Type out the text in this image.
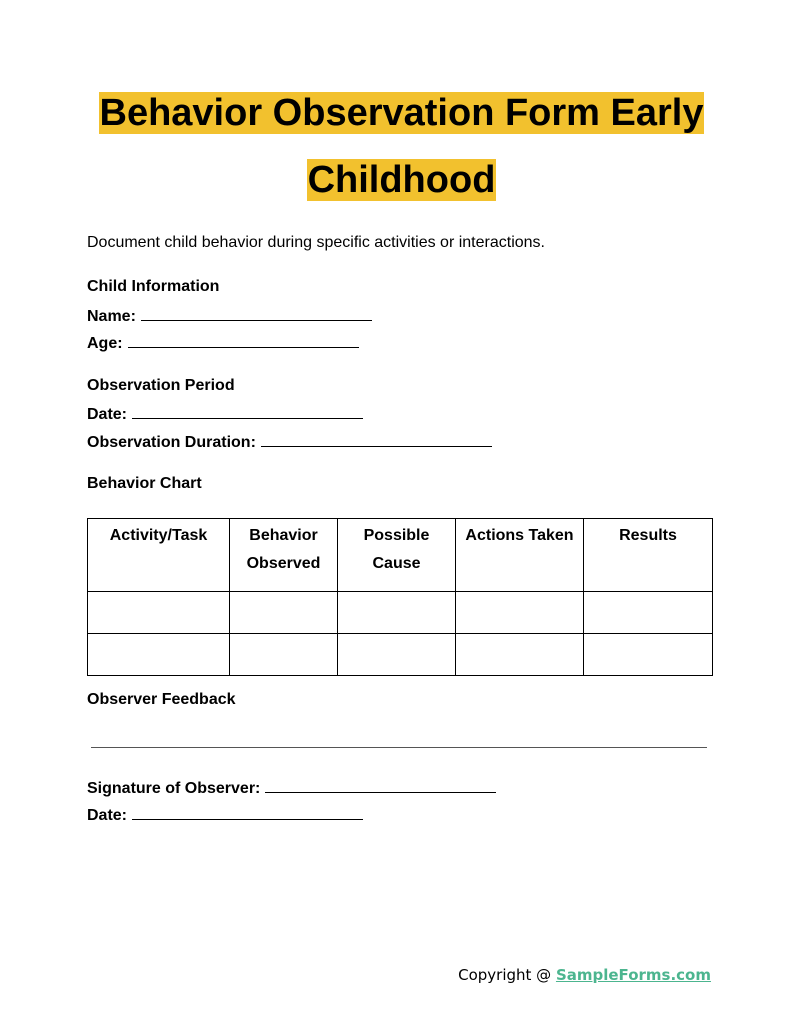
Behavior Observation Form Early
Childhood
Document child behavior during specific activities or interactions.
Child Information
Name:
Age:
Observation Period
Date:
Observation Duration:
Behavior Chart
Activity/Task	Behavior Observed	Possible Cause	Actions Taken	Results

Observer Feedback
Signature of Observer:
Date:
Copyright @ SampleForms.com
